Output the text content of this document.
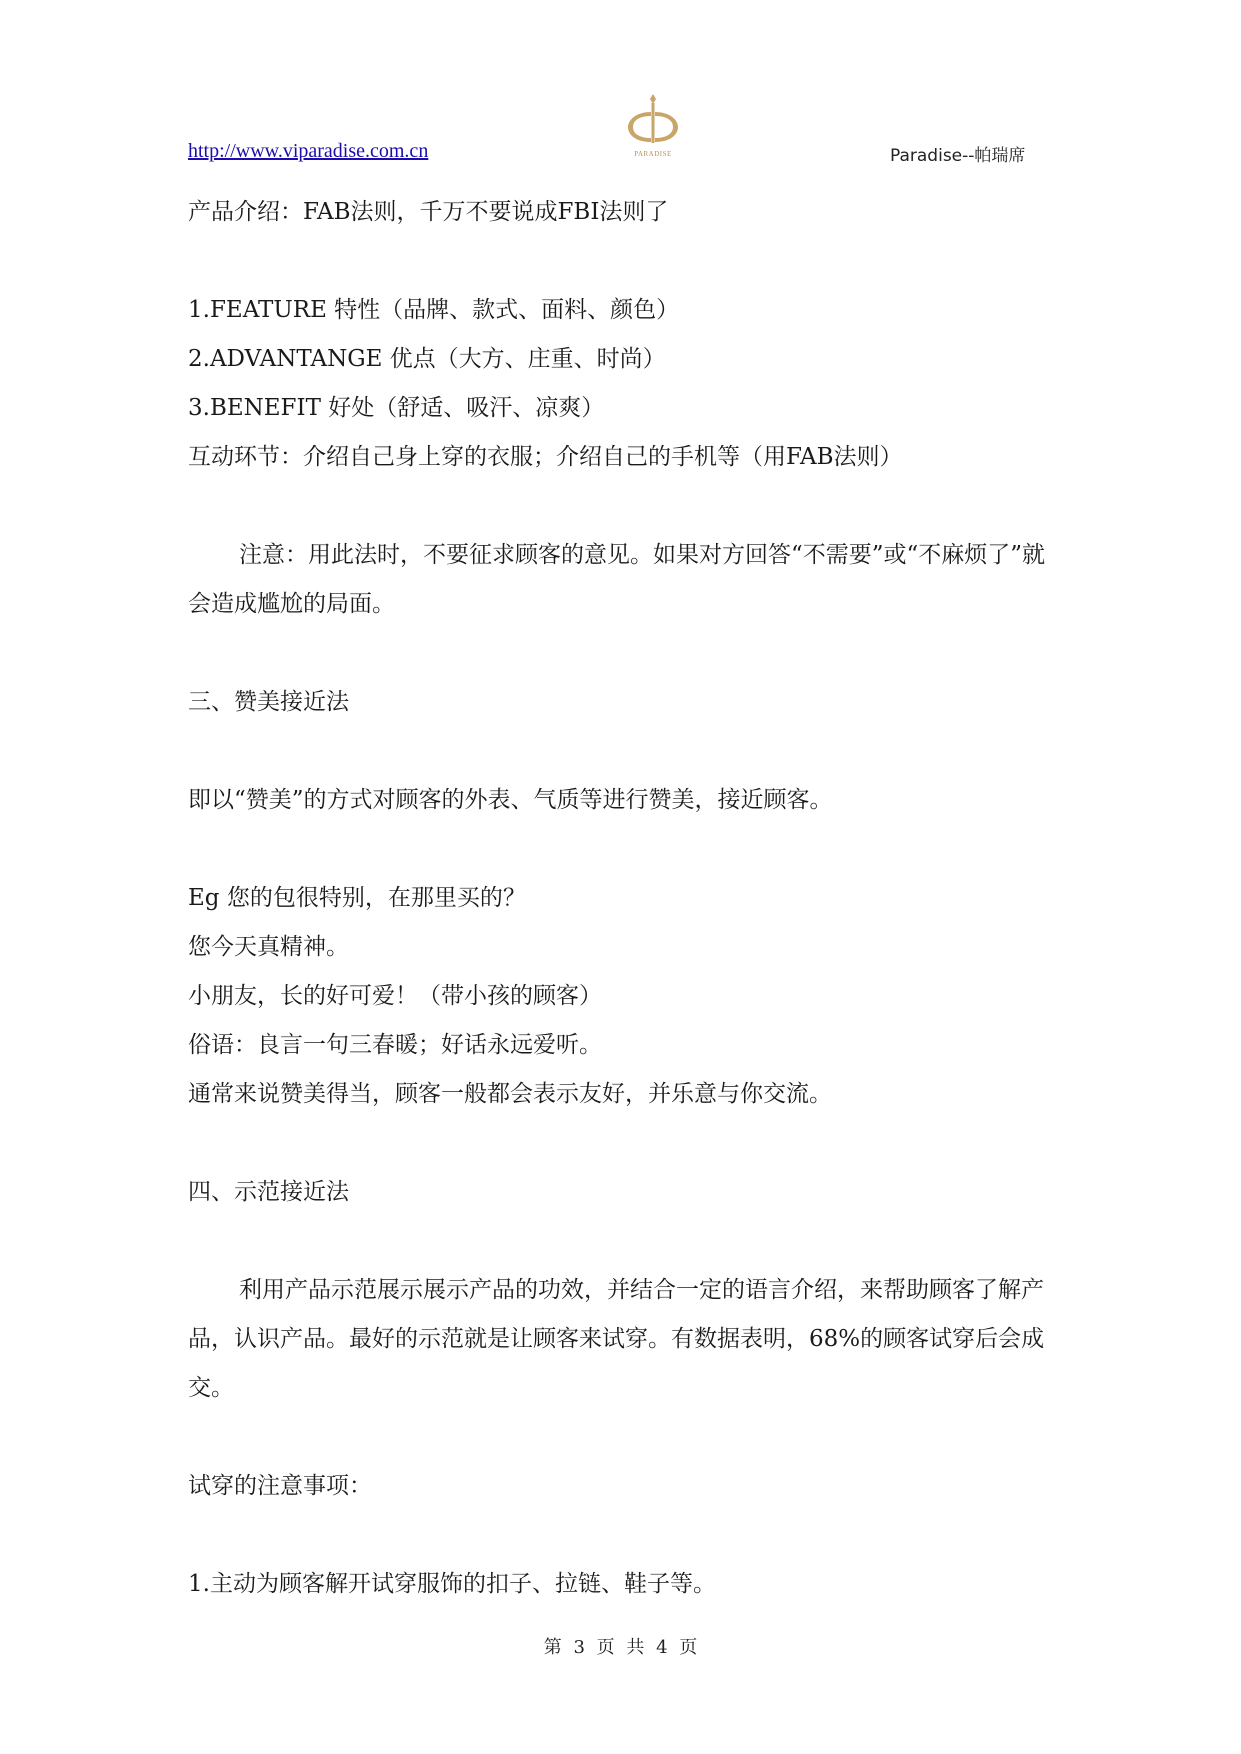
http://www.viparadise.com.cn	PARADISE	Paradise--帕瑞席

产品介绍：FAB法则，千万不要说成FBI法则了

1.FEATURE 特性（品牌、款式、面料、颜色）

2.ADVANTANGE 优点（大方、庄重、时尚）

3.BENEFIT 好处（舒适、吸汗、凉爽）

互动环节：介绍自己身上穿的衣服；介绍自己的手机等（用FAB法则）

注意：用此法时，不要征求顾客的意见。如果对方回答“不需要”或“不麻烦了”就会造成尴尬的局面。

三、赞美接近法

即以“赞美”的方式对顾客的外表、气质等进行赞美，接近顾客。

Eg 您的包很特别，在那里买的？

您今天真精神。

小朋友，长的好可爱！（带小孩的顾客）

俗语：良言一句三春暖；好话永远爱听。

通常来说赞美得当，顾客一般都会表示友好，并乐意与你交流。

四、示范接近法

利用产品示范展示展示产品的功效，并结合一定的语言介绍，来帮助顾客了解产品，认识产品。最好的示范就是让顾客来试穿。有数据表明，68%的顾客试穿后会成交。

试穿的注意事项：

1.主动为顾客解开试穿服饰的扣子、拉链、鞋子等。

第 3 页 共 4 页
